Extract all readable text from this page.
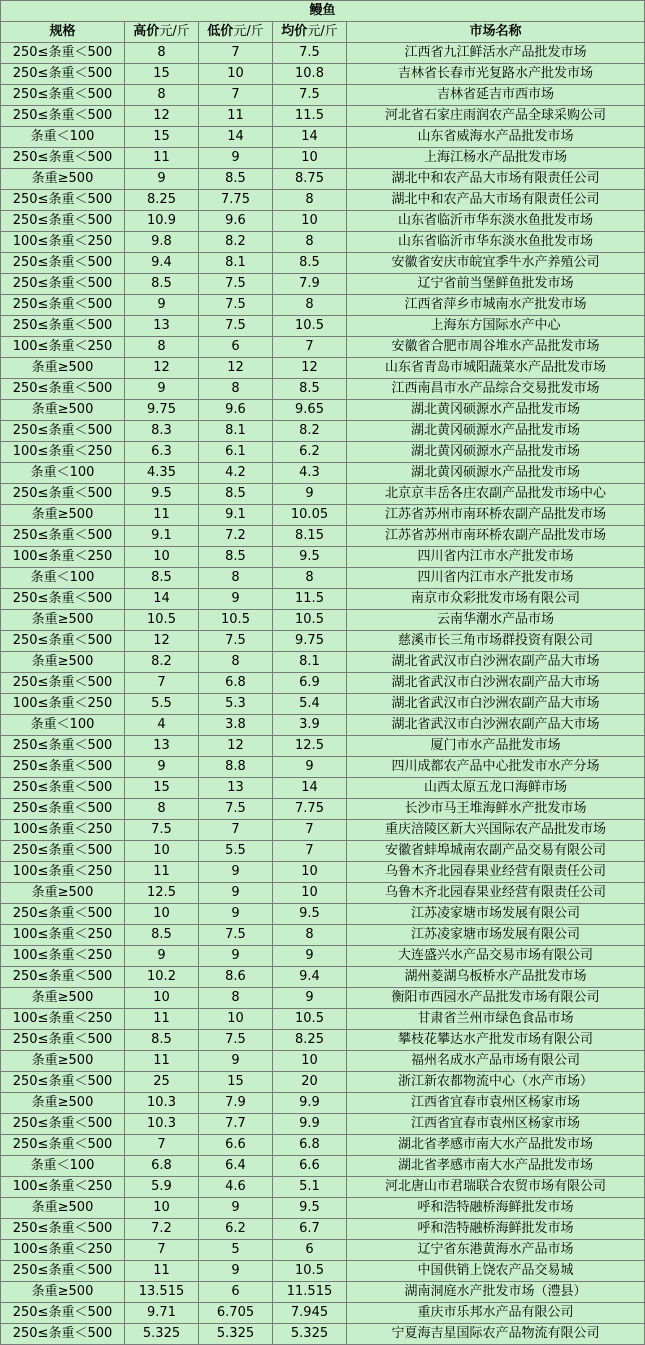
鳗鱼				
规格	高价元/斤	低价元/斤	均价元/斤	市场名称
250≤条重＜500	8	7	7.5	江西省九江鲜活水产品批发市场
250≤条重＜500	15	10	10.8	吉林省长春市光复路水产批发市场
250≤条重＜500	8	7	7.5	吉林省延吉市西市场
250≤条重＜500	12	11	11.5	河北省石家庄雨润农产品全球采购公司
条重＜100	15	14	14	山东省威海水产品批发市场
250≤条重＜500	11	9	10	上海江杨水产品批发市场
条重≥500	9	8.5	8.75	湖北中和农产品大市场有限责任公司
250≤条重＜500	8.25	7.75	8	湖北中和农产品大市场有限责任公司
250≤条重＜500	10.9	9.6	10	山东省临沂市华东淡水鱼批发市场
100≤条重＜250	9.8	8.2	8	山东省临沂市华东淡水鱼批发市场
250≤条重＜500	9.4	8.1	8.5	安徽省安庆市皖宜季牛水产养殖公司
250≤条重＜500	8.5	7.5	7.9	辽宁省前当堡鲜鱼批发市场
250≤条重＜500	9	7.5	8	江西省萍乡市城南水产批发市场
250≤条重＜500	13	7.5	10.5	上海东方国际水产中心
100≤条重＜250	8	6	7	安徽省合肥市周谷堆水产品批发市场
条重≥500	12	12	12	山东省青岛市城阳蔬菜水产品批发市场
250≤条重＜500	9	8	8.5	江西南昌市水产品综合交易批发市场
条重≥500	9.75	9.6	9.65	湖北黄冈硕源水产品批发市场
250≤条重＜500	8.3	8.1	8.2	湖北黄冈硕源水产品批发市场
100≤条重＜250	6.3	6.1	6.2	湖北黄冈硕源水产品批发市场
条重＜100	4.35	4.2	4.3	湖北黄冈硕源水产品批发市场
250≤条重＜500	9.5	8.5	9	北京京丰岳各庄农副产品批发市场中心
条重≥500	11	9.1	10.05	江苏省苏州市南环桥农副产品批发市场
250≤条重＜500	9.1	7.2	8.15	江苏省苏州市南环桥农副产品批发市场
100≤条重＜250	10	8.5	9.5	四川省内江市水产批发市场
条重＜100	8.5	8	8	四川省内江市水产批发市场
250≤条重＜500	14	9	11.5	南京市众彩批发市场有限公司
条重≥500	10.5	10.5	10.5	云南华潮水产品市场
250≤条重＜500	12	7.5	9.75	慈溪市长三角市场群投资有限公司
条重≥500	8.2	8	8.1	湖北省武汉市白沙洲农副产品大市场
250≤条重＜500	7	6.8	6.9	湖北省武汉市白沙洲农副产品大市场
100≤条重＜250	5.5	5.3	5.4	湖北省武汉市白沙洲农副产品大市场
条重＜100	4	3.8	3.9	湖北省武汉市白沙洲农副产品大市场
250≤条重＜500	13	12	12.5	厦门市水产品批发市场
250≤条重＜500	9	8.8	9	四川成都农产品中心批发市水产分场
250≤条重＜500	15	13	14	山西太原五龙口海鲜市场
250≤条重＜500	8	7.5	7.75	长沙市马王堆海鲜水产批发市场
100≤条重＜250	7.5	7	7	重庆涪陵区新大兴国际农产品批发市场
250≤条重＜500	10	5.5	7	安徽省蚌埠城南农副产品交易有限公司
100≤条重＜250	11	9	10	乌鲁木齐北园春果业经营有限责任公司
条重≥500	12.5	9	10	乌鲁木齐北园春果业经营有限责任公司
250≤条重＜500	10	9	9.5	江苏凌家塘市场发展有限公司
100≤条重＜250	8.5	7.5	8	江苏凌家塘市场发展有限公司
100≤条重＜250	9	9	9	大连盛兴水产品交易市场有限公司
250≤条重＜500	10.2	8.6	9.4	湖州菱湖乌板桥水产品批发市场
条重≥500	10	8	9	衡阳市西园水产品批发市场有限公司
100≤条重＜250	11	10	10.5	甘肃省兰州市绿色食品市场
250≤条重＜500	8.5	7.5	8.25	攀枝花攀达水产批发市场有限公司
条重≥500	11	9	10	福州名成水产品市场有限公司
250≤条重＜500	25	15	20	浙江新农都物流中心（水产市场）
条重≥500	10.3	7.9	9.9	江西省宜春市袁州区杨家市场
250≤条重＜500	10.3	7.7	9.9	江西省宜春市袁州区杨家市场
250≤条重＜500	7	6.6	6.8	湖北省孝感市南大水产品批发市场
条重＜100	6.8	6.4	6.6	湖北省孝感市南大水产品批发市场
100≤条重＜250	5.9	4.6	5.1	河北唐山市君瑞联合农贸市场有限公司
条重≥500	10	9	9.5	呼和浩特融桥海鲜批发市场
250≤条重＜500	7.2	6.2	6.7	呼和浩特融桥海鲜批发市场
100≤条重＜250	7	5	6	辽宁省东港黄海水产品市场
250≤条重＜500	11	9	10.5	中国供销上饶农产品交易城
条重≥500	13.515	6	11.515	湖南洞庭水产批发市场（澧县）
250≤条重＜500	9.71	6.705	7.945	重庆市乐邦水产品有限公司
250≤条重＜500	5.325	5.325	5.325	宁夏海吉星国际农产品物流有限公司
